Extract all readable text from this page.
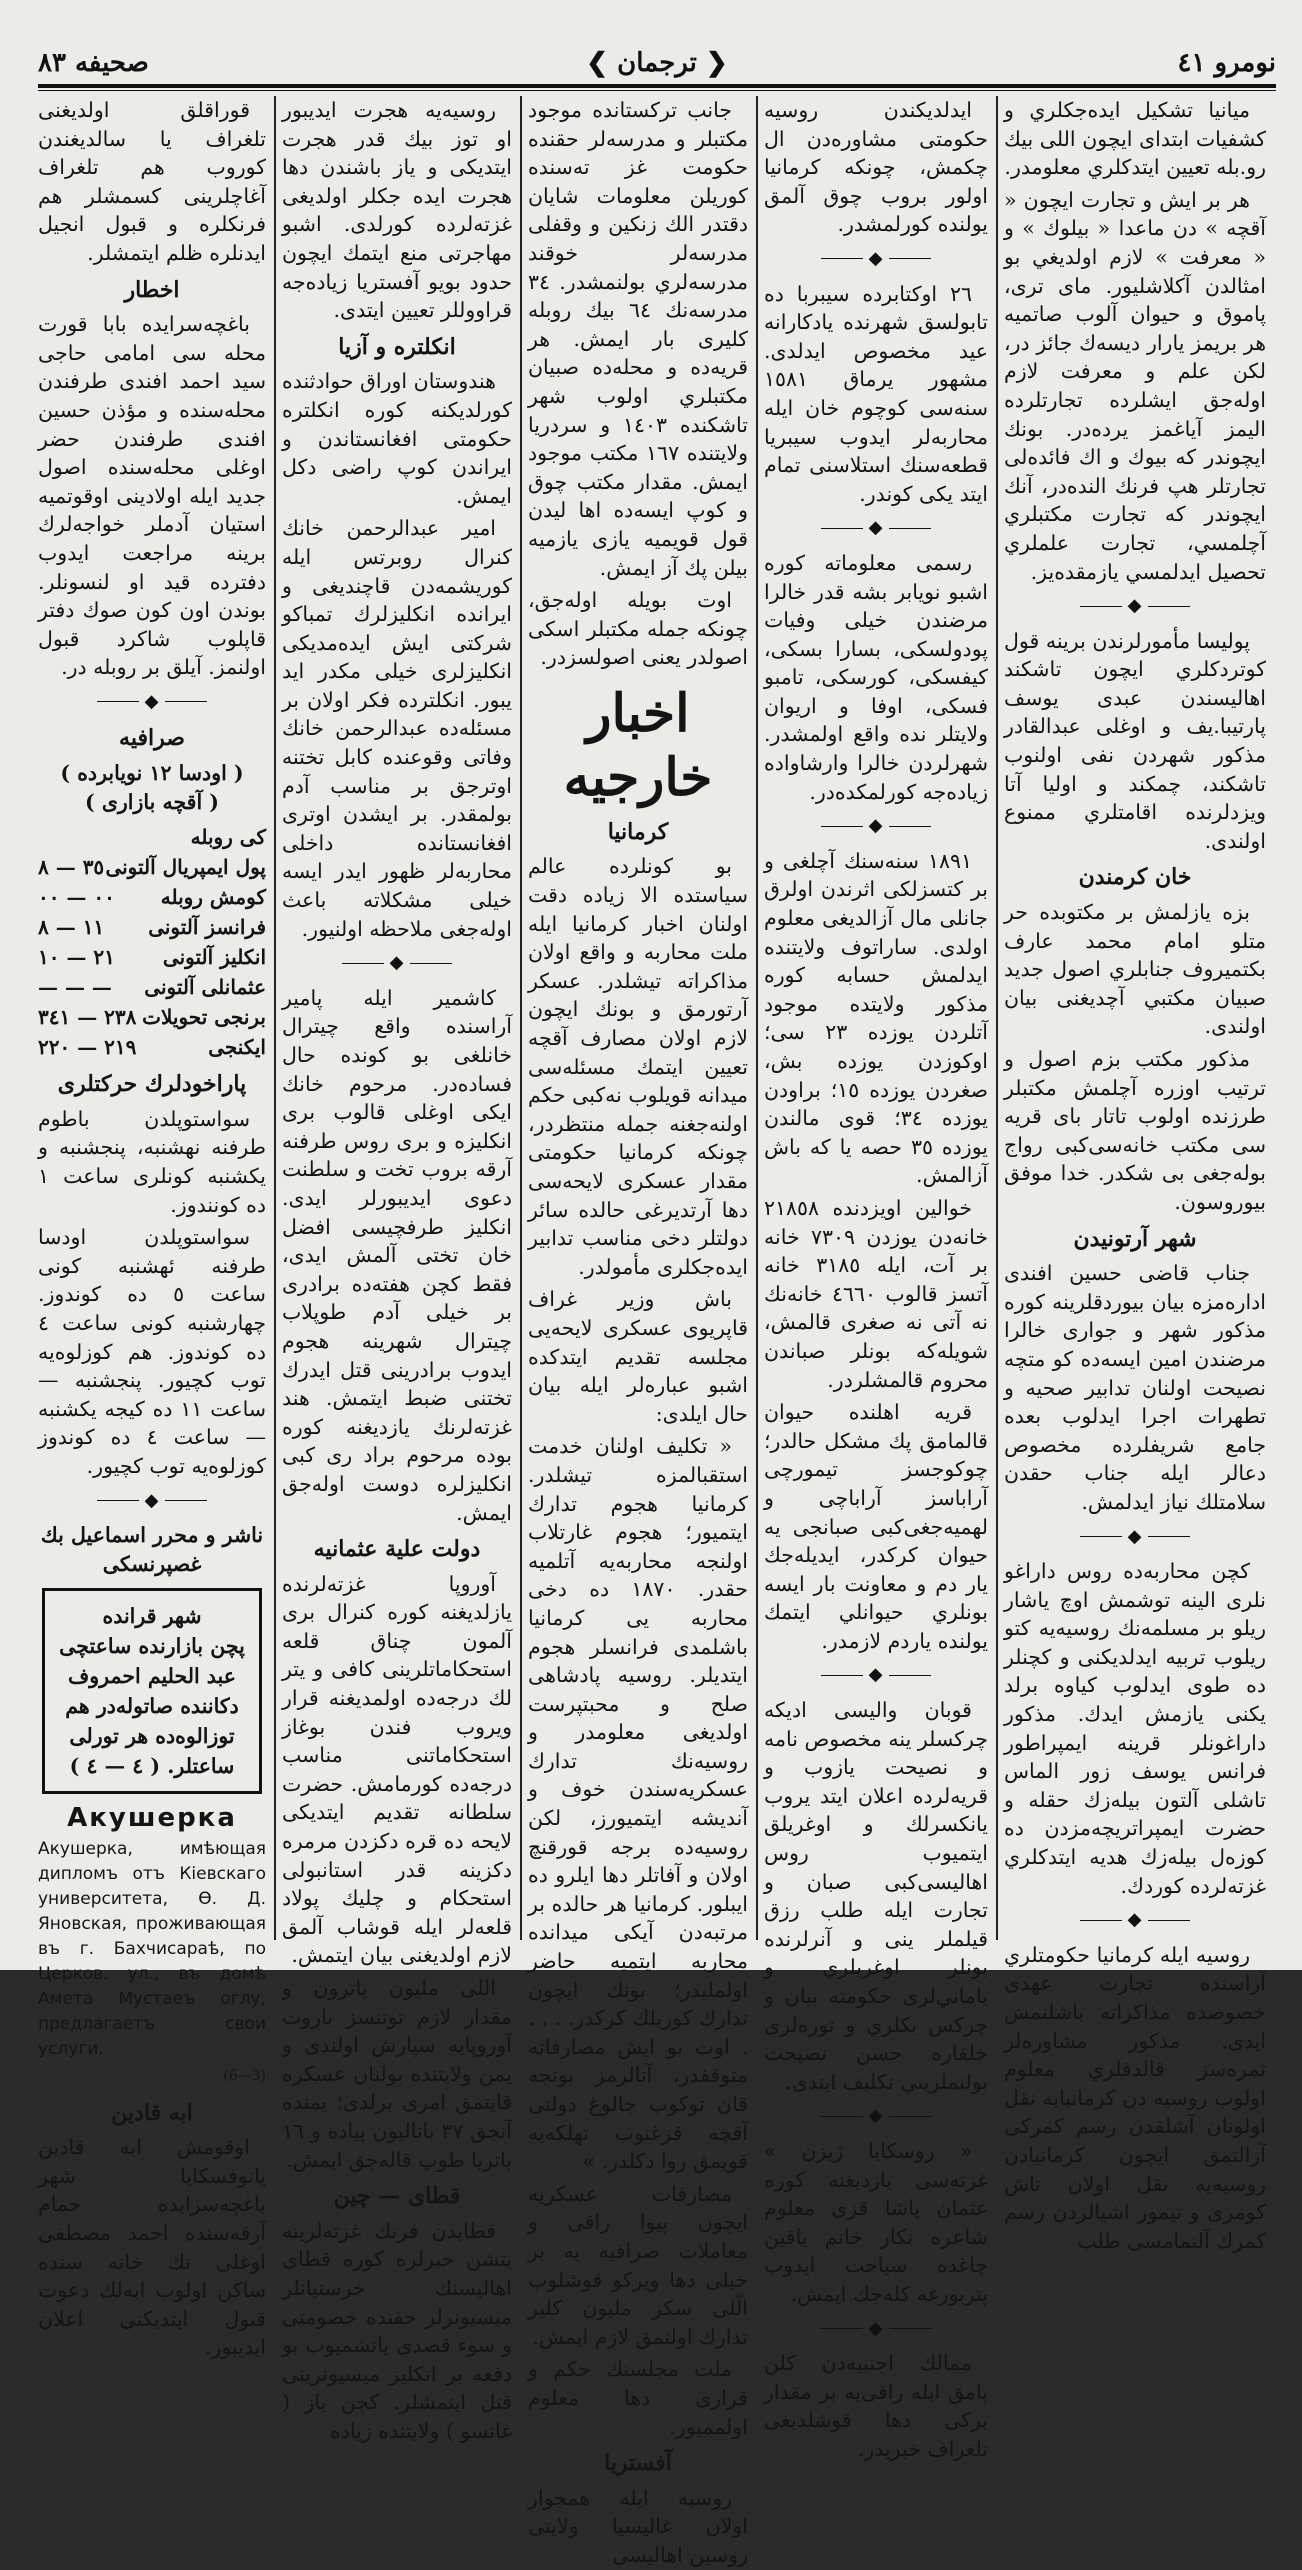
صحيفه ٨٣	❮ ترجمان ❯	نومرو ٤١

ميانيا تشكيل ايده‌جكلري و كشفيات ابتداى ايچون اللى بيك رو.بله تعيين ايتدكلري معلومدر.

هر بر ايش و تجارت ايچون « آقچه » دن ماعدا « بيلوك » و « معرفت » لازم اولديغي بو امثالدن آكلاشليور. ماى ترى، پاموق و حيوان آلوب صاتميه هر بريمز يارار ديسه‌ك جائز در، لكن علم و معرفت لازم اوله‌جق ايشلرده تجارتلرده اليمز آياغمز يرده‌در. بونك ايچوندر كه بيوك و اك فائده‌لى تجارتلر هپ فرنك النده‌در، آنك ايچوندر كه تجارت مكتبلري آچلمسي، تجارت علملري تحصيل ايدلمسي يازمقده‌يز.

◆

پوليسا مأمورلرندن برينه قول كوتردكلري ايچون تاشكند اهاليسندن عبدى يوسف پارتيبا.يف و اوغلى عبدالقادر مذكور شهردن نفى اولنوب تاشكند، چمكند و اوليا آتا ويزدلرنده اقامتلري ممنوع اولندى.

خان كرمندن

بزه يازلمش بر مكتوبده حر متلو امام محمد عارف بكتميروف جنابلري اصول جديد صبيان مكتبي آچديغنى بيان اولندى.

مذكور مكتب بزم اصول و ترتيب اوزره آچلمش مكتبلر طرزنده اولوب تاتار باى قريه سى مكتب خانه‌سى‌كبى رواج بوله‌جغى بى شكدر. خدا موفق بيوروسون.

شهر آرتونيدن

جناب قاضى حسين افندى اداره‌مزه بيان بيوردقلرينه كوره مذكور شهر و جوارى خالرا مرضندن امين ايسه‌ده كو متچه نصيحت اولنان تدابير صحيه و تطهرات اجرا ايدلوب بعده جامع شريفلرده مخصوص دعالر ايله جناب حقدن سلامتلك نياز ايدلمش.

◆

كچن محاربه‌ده روس داراغو نلرى الينه توشمش اوچ ياشار ريلو بر مسلمه‌نك روسيه‌يه كتو ريلوب تربيه ايدلديكنى و كچنلر ده طوى ايدلوب كياوه برلد يكنى يازمش ايدك. مذكور داراغونلر قرينه ايمپراطور فرانس يوسف زور الماس تاشلى آلتون بيله‌زك حقله و حضرت ايمپراتريچه‌مزدن ده كوزه‌ل بيله‌زك هديه ايتدكلري غزته‌لرده كوردك.

◆

روسيه ايله كرمانيا حكومتلري آراسنده تجارت عهدى خصوصده مذاكراته باشلنمش ايدى. مذكور مشاوره‌لر ثمره‌سز قالدقلري معلوم اولوب روسيه دن كرمانيايه نقل اولونان آشلقدن رسم كمركى آزالتمق ايچون كرمانيادن روسيه‌يه نقل اولان تاش كومرى و تيمور اشيالردن رسم كمرك آلنمامسى طلب

ايدلديكندن روسيه حكومتى مشاوره‌دن ال چكمش، چونكه كرمانيا اولور بروب چوق آلمق يولنده كورلمشدر.

◆

٢٦ اوكتابرده سيبربا ده تابولسق شهرنده يادكارانه عيد مخصوص ايدلدى. مشهور يرماق ١٥٨١ سنه‌سى كوچوم خان ايله محاربه‌لر ايدوب سيبريا قطعه‌سنك استلاسنى تمام ايتد يكى كوندر.

◆

رسمى معلوماته كوره اشبو نويابر بشه قدر خالرا مرضندن خيلى وفيات پودولسكى، بسارا بسكى، كيفسكى، كورسكى، تامبو فسكى، اوفا و اريوان ولايتلر نده واقع اولمشدر. شهرلردن خالرا وارشاواده زياده‌جه كورلمكده‌در.

◆

١٨٩١ سنه‌سنك آچلغى و بر كتسزلكى اثرندن اولرق جانلى مال آزالديغى معلوم اولدى. ساراتوف ولايتنده ايدلمش حسابه كوره مذكور ولايتده موجود آتلردن يوزده ٢٣ سى؛ اوكوزدن يوزده بش، صغردن يوزده ١٥؛ براودن يوزده ٣٤؛ قوى مالندن يوزده ٣٥ حصه يا كه باش آزالمش.

خوالين اويزدنده ٢١٨٥٨ خانه‌دن يوزدن ٧٣٠٩ خانه بر آت، ايله ٣١٨٥ خانه آتسز قالوب ٤٦٦٠ خانه‌نك نه آتى نه صغرى قالمش، شويله‌كه بونلر صباندن محروم قالمشلردر.

قريه اهلنده حيوان قالمامق پك مشكل حالدر؛ چوكوجسز تيمورچى آراباسز آرابا‌چى و لهميه‌جغى‌كبى صبانجى يه حيوان كركدر، ايديله‌جك يار دم و معاونت بار ايسه بونلري حيوانلي ايتمك يولنده ياردم لازمدر.

◆

قوبان واليسى ادیكه چركسلر ينه مخصوص نامه و نصيحت يازوب و قريه‌لرده اعلان ايتد يروب يانكسرلك و اوغريلق ايتميوب روس اهاليسى‌كبى صبان و تجارت ايله طلب رزق قيلملر ينى و آنرلرنده بونلر اوغريلري و ياماني‌لرى حكومته بيان و چركس بكلري و توره‌لرى خلقاره حسن نصيحت بولنملريني تكليف ايتدى.

◆

« روسكايا ژيزن » غزته‌سى يازديغنه كوره عثمان پاشا قزى معلوم شاعره نكار خانم ياقين چاغده سياحت ايدوب پتربورغه كله‌جك ايمش.

◆

ممالك اجنبيه‌دن كلن پامق ايله راقى‌يه بر مقدار بركى دها قوشلديغى تلغراف خبريدر.

جانب تركستانده موجود مكتبلر و مدرسه‌لر حقنده حكومت غز ته‌سنده كوريلن معلومات شايان دقتدر الك زنكين و وقفلى مدرسه‌لر خوقند مدرسه‌لري بولنمشدر. ٣٤ مدرسه‌نك ٦٤ بيك روبله كليرى بار ايمش. هر قريه‌ده و محله‌ده صبيان مكتبلري اولوب شهر تاشكنده ١٤٠٣ و سردريا ولايتنده ١٦٧ مكتب موجود ايمش. مقدار مكتب چوق و كوپ ايسه‌ده اها ليدن قول قويميه يازى يازميه بيلن پك آز ايمش.

اوت بويله اوله‌جق، چونكه جمله مكتبلر اسكى اصولدر يعنى اصولسزدر.

اخبار خارجيه
كرمانيا

بو كونلرده عالم سياستده الا زياده دقت اولنان اخبار كرمانيا ايله ملت محاربه و واقع اولان مذاكراته تيشلدر. عسكر آرتورمق و بونك ايچون لازم اولان مصارف آقچه تعيين ايتمك مسئله‌سى ميدانه قويلوب نه‌كبى حكم اولنه‌جغنه جمله منتظردر، چونكه كرمانيا حكومتى مقدار عسكرى لايحه‌سى دها آرتديرغى حالده سائر دولتلر دخى مناسب تدابير ايده‌جكلرى مأمولدر.

باش وزير غراف قاپريوى عسكرى لايحه‌يى مجلسه تقديم ايتدكده اشبو عباره‌لر ايله بيان حال ايلدى:

« تكليف اولنان خدمت استقبالمزه تيشلدر. كرمانيا هجوم تدارك ايتميور؛ هجوم غارتلاب اولنجه محاربه‌يه آتلميه حقدر. ١٨٧٠ ده دخى محاربه يى كرمانيا باشلمدى فرانسلر هجوم ايتديلر. روسيه پادشاهى صلح و محبتپرست اولديغى معلومدر و روسيه‌نك تدارك عسكريه‌سندن خوف و آنديشه ايتميورز، لكن روسيه‌ده برجه قورقنچ اولان و آفاتلر دها ايلرو ده ايبلور. كرمانيا هر حالده بر مرتبه‌دن آيكى ميدانده محاربه ايتميه حاضر اولمليدر؛ بونك ايچون تدارك كوريلك كركدر. . . . . اوت بو ايش مصارفاته متوقفدر، آتالرمز بونجه قان توكوب جالوغ دولتى آقچه قزغنوب تهلكه‌يه قويمق روا دكلدر. »

مصارفات عسكريه ايچون پيوا راقى و معاملات صرافيه يه بر خيلى دها ويركو قوشلوب الّلى سكز مليون كلير تدارك اولنمق لازم ايمش.

ملت مجلسنك حكم و قرارى دها معلوم اولمميور.

آفستريا

روسيه ايله همجوار اولان غاليسيا ولايتى روسين اهاليسى

روسيه‌يه هجرت ايديبور او توز بيك قدر هجرت ايتديكى و ياز باشندن دها هجرت ايده جكلر اولديغى غزته‌لرده كورلدى. اشبو مهاجرتى منع ايتمك ايچون حدود بويو آفستريا زياده‌جه قراووللر تعيين ايتدى.

انكلتره و آزيا

هندوستان اوراق حوادثنده كورلديكنه كوره انكلتره حكومتى افغانستاندن و ايراندن كوپ راضى دكل ايمش.

امير عبدالرحمن خانك كنرال روبرتس ايله كوريشمه‌دن قاچنديغى و ايرانده انكليزلرك تمباكو شركتى ايش ايده‌مديكى انكليزلرى خيلى مكدر ايد يبور. انكلترده فكر اولان بر مسئله‌ده عبدالرحمن خانك وفاتى وقوعنده كابل تختنه اوترجق بر مناسب آدم بولمقدر. بر ايشدن اوترى افغانستانده داخلى محاربه‌لر ظهور ايدر ايسه خيلى مشكلاته باعث اوله‌جغى ملاحظه اولنيور.

◆

كاشمير ايله پامير آراسنده واقع چيترال خانلغى بو كونده حال فساده‌در. مرحوم خانك ايكى اوغلى قالوب برى انكليزه و برى روس طرفنه آرقه بروب تخت و سلطنت دعوى ايديبورلر ايدى. انكليز طرفچيسى افضل خان تختى آلمش ايدى، فقط كچن هفته‌ده برادرى بر خيلى آدم طوپلاب چيترال شهرينه هجوم ايدوب برادرينى قتل ايدرك تختنى ضبط ايتمش. هند غزته‌لرنك يازديغنه كوره بوده مرحوم براد رى كبى انكليزلره دوست اوله‌جق ايمش.

دولت علية عثمانيه

آوروپا غزته‌لرنده يازلديغنه كوره كنرال برى آلمون چناق قلعه استحكاماتلرينى كافى و يتر لك درجه‌ده اولمديغنه قرار ويروب فندن بوغاز استحكاماتنى مناسب درجه‌ده كورمامش. حضرت سلطانه تقديم ايتديكى لايحه ده قره دكزدن مرمره دكزينه قدر استانبولى استحكام و چليك پولاد قلعه‌لر ايله قوشاب آلمق لازم اولديغنى بيان ايتمش.

اللى مليون پاترون و مقدار لازم توتنسز باروت آوروپايه سپارش اولندى و يمن ولايتنده بولنان عسكره قايتمق امرى برلدى؛ يمنده آنجق ٣٧ باتاليون پياده و ١٦ باتريا طوپ قاله‌جق ايمش.

قطاى — چين

قطايدن فرنك غزته‌لرينه يتشن خبرلره كوره قطاى اهاليسنك خرستيانلر ميسيونرلر حقنده خصومتى و سوء قصدى ياتشميوب بو دفعه بر انكليز ميسيونرينى قتل ايتمشلر. كچن ياز ( غانسو ) ولايتنده زياده

قوراقلق اولديغنى تلغراف يا سالديغندن كوروب هم تلغراف آغاچلرينى كسمشلر هم فرنكلره و قبول انجيل ايدنلره ظلم ايتمشلر.

اخطار

باغچه‌سرايده بابا قورت محله سى امامى حاجى سيد احمد افندى طرفندن محله‌سنده و مؤذن حسين افندى طرفندن حضر اوغلى محله‌سنده اصول جديد ايله اولادينى اوقوتميه استيان آدملر خواجه‌لرك برينه مراجعت ايدوب دفترده قيد او لنسونلر. بوندن اون كون صوك دفتر قاپلوب شاكرد قبول اولنمز. آيلق بر روبله در.

◆
صرافيه
( اودسا ١٢ نويابرده )
( آقچه بازارى )
كى روبله
پول ايمپريال آلتونى
٣٥ — ٨
كومش روبله
٠٠ — ٠٠
فرانسز آلتونى
١١ — ٨
انكليز آلتونى
٢١ — ١٠
عثمانلى آلتونى
— — —
برنجى تحويلات
٢٣٨ — ٣٤١
ايكنجى
٢١٩ — ٢٢٠
پاراخودلرك حركتلرى

سواستوپلدن باطوم طرفنه نهشنبه، پنجشنبه و يكشنبه كونلرى ساعت ١ ده كونندوز.

سواستوپلدن اودسا طرفنه ئهشنبه كونى ساعت ٥ ده كوندوز. چهارشنبه كونى ساعت ٤ ده كوندوز. هم كوزلوه‌يه توب كچيور. پنجشنبه — ساعت ١١ ده كيجه يكشنبه — ساعت ٤ ده كوندوز كوزلوه‌يه توب كچيور.

◆
ناشر و محرر اسماعيل بك غصپرنسكى
شهر قرانده
پچن بازارنده ساعتچى عبد الحليم احمروف دكاننده صاتوله‌در هم توزالوه‌ده هر تورلى ساعتلر. ( ٤ — ٤ )
Акушерка
Акушерка, имѣющая дипломъ отъ Кіевскаго университета, Ѳ. Д. Яновская, проживающая въ г. Бахчисараѣ, по Церков. ул., въ домѣ Амета Мустаеъ оглу, предлагаетъ свои услуги.
(6—3)
ابه قادين

اوقومش ابه قادين يانوفسكايا شهر باغچه‌سرايده حمام آرقه‌سنده احمد مصطفى اوغلى نك خانه سنده ساكن اولوب ابه‌لك دعوت قبول ايتديكنى اعلان ايديبور.
